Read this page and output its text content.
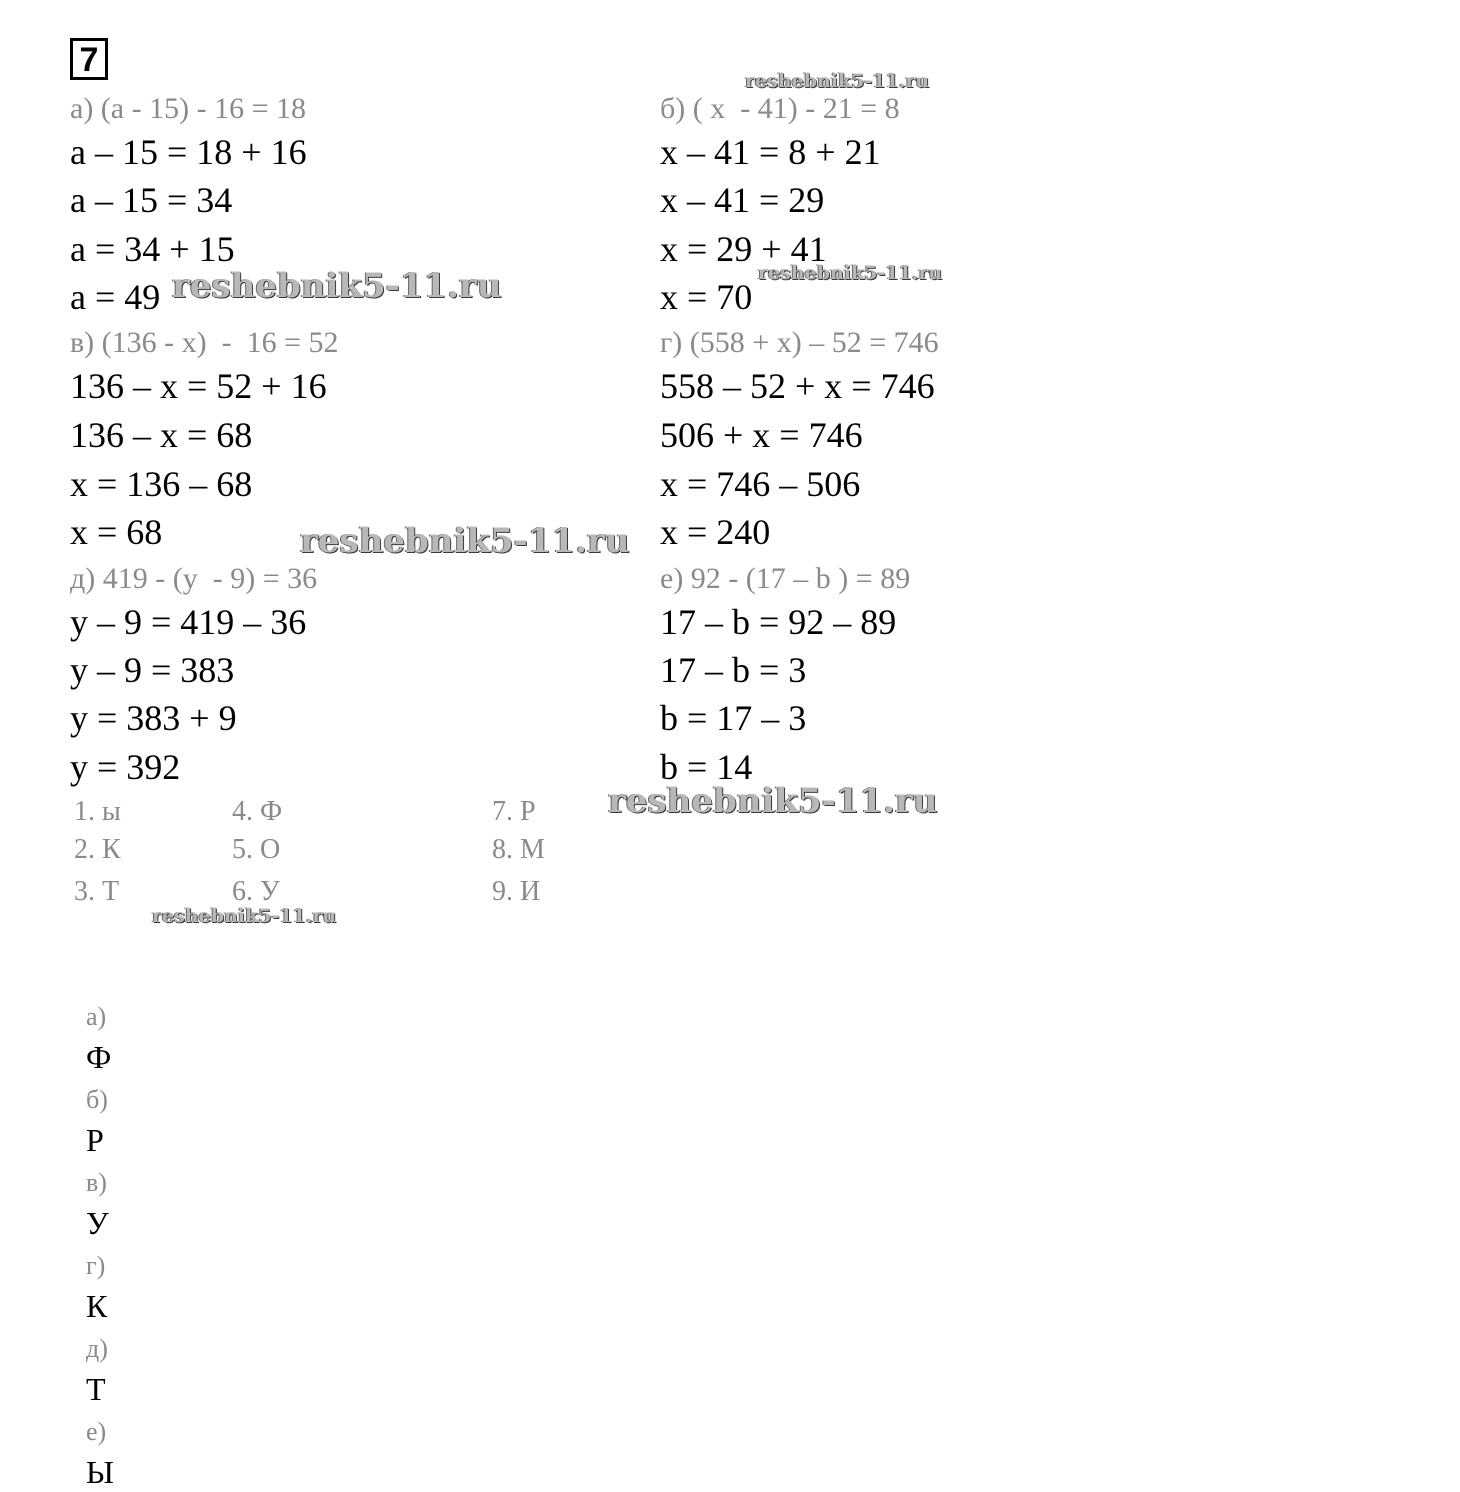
7
а) (а - 15) - 16 = 18
а – 15 = 18 + 16
а – 15 = 34
а = 34 + 15
а = 49
б) ( х  - 41) - 21 = 8
х – 41 = 8 + 21
х – 41 = 29
х = 29 + 41
х = 70
в) (136 - х)  -  16 = 52
136 – х = 52 + 16
136 – х = 68
х = 136 – 68
х = 68
г) (558 + х) – 52 = 746
558 – 52 + х = 746
506 + х = 746
х = 746 – 506
х = 240
д) 419 - (у  - 9) = 36
у – 9 = 419 – 36
у – 9 = 383
у = 383 + 9
у = 392
е) 92 - (17 – b ) = 89
17 – b = 92 – 89
17 – b = 3
b = 17 – 3
b = 14
1. ы	4. Ф	7. Р
2. К	5. О	8. М
3. Т	6. У	9. И

а)
Ф
б)
Р
в)
У
г)
К
д)
Т
е)
Ы

reshebnik5-11.ru
reshebnik5-11.ru	reshebnik5-11.ru
reshebnik5-11.ru
reshebnik5-11.ru
reshebnik5-11.ru
